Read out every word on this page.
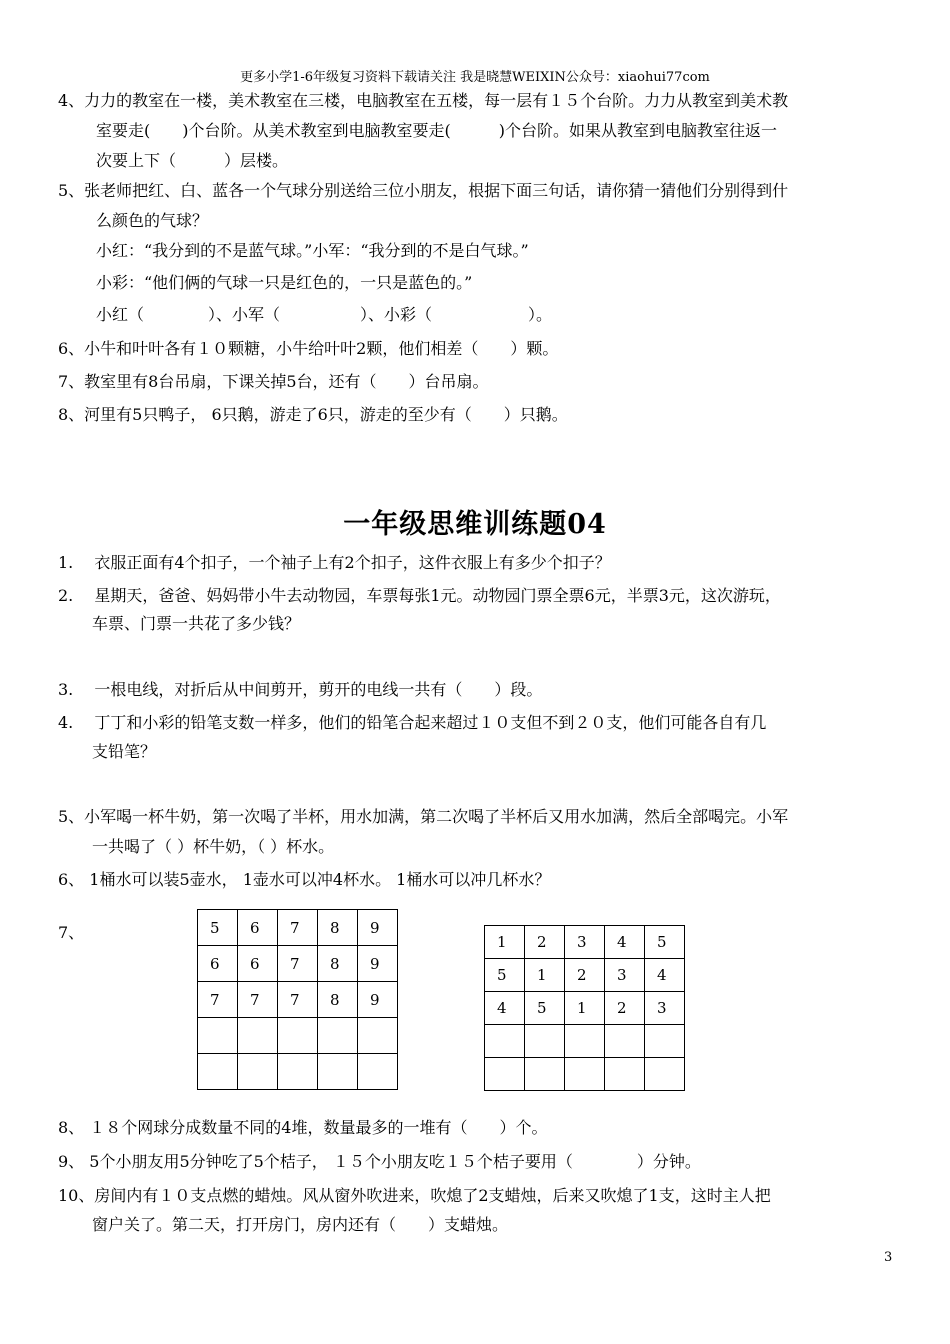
更多小学1-6年级复习资料下载请关注 我是晓慧WEIXIN公众号：xiaohui77com
4、力力的教室在一楼，美术教室在三楼，电脑教室在五楼，每一层有１５个台阶。力力从教室到美术教
室要走(　　)个台阶。从美术教室到电脑教室要走(　　　)个台阶。如果从教室到电脑教室往返一
次要上下（　　　）层楼。
5、张老师把红、白、蓝各一个气球分别送给三位小朋友，根据下面三句话，请你猜一猜他们分别得到什
么颜色的气球？
小红：“我分到的不是蓝气球。”小军：“我分到的不是白气球。”
小彩：“他们俩的气球一只是红色的，一只是蓝色的。”
小红（　　　　）、小军（　　　　　）、小彩（　　　　　　）。
6、小牛和叶叶各有１０颗糖，小牛给叶叶2颗，他们相差（　　）颗。
7、教室里有8台吊扇，下课关掉5台，还有（　　）台吊扇。
8、河里有5只鸭子， 6只鹅，游走了6只，游走的至少有（　　）只鹅。
一年级思维训练题04
1.　 衣服正面有4个扣子，一个袖子上有2个扣子，这件衣服上有多少个扣子？
2.　 星期天，爸爸、妈妈带小牛去动物园，车票每张1元。动物园门票全票6元，半票3元，这次游玩，
车票、门票一共花了多少钱？
3.　 一根电线，对折后从中间剪开，剪开的电线一共有（　　）段。
4.　 丁丁和小彩的铅笔支数一样多，他们的铅笔合起来超过１０支但不到２０支，他们可能各自有几
支铅笔？
5、小军喝一杯牛奶，第一次喝了半杯，用水加满，第二次喝了半杯后又用水加满，然后全部喝完。小军
一共喝了（ ）杯牛奶，（ ）杯水。
6、 1桶水可以装5壶水， 1壶水可以冲4杯水。 1桶水可以冲几杯水？
7、	5	6	7	8	9
6	6	7	8	9
7	7	7	8	9

1	2	3	4	5
5	1	2	3	4
4	5	1	2	3

8、 １８个网球分成数量不同的4堆，数量最多的一堆有（　　）个。
9、 5个小朋友用5分钟吃了5个桔子， １５个小朋友吃１５个桔子要用（　　　　）分钟。
10、房间内有１０支点燃的蜡烛。风从窗外吹进来，吹熄了2支蜡烛，后来又吹熄了1支，这时主人把
窗户关了。第二天，打开房门，房内还有（　　）支蜡烛。
3
